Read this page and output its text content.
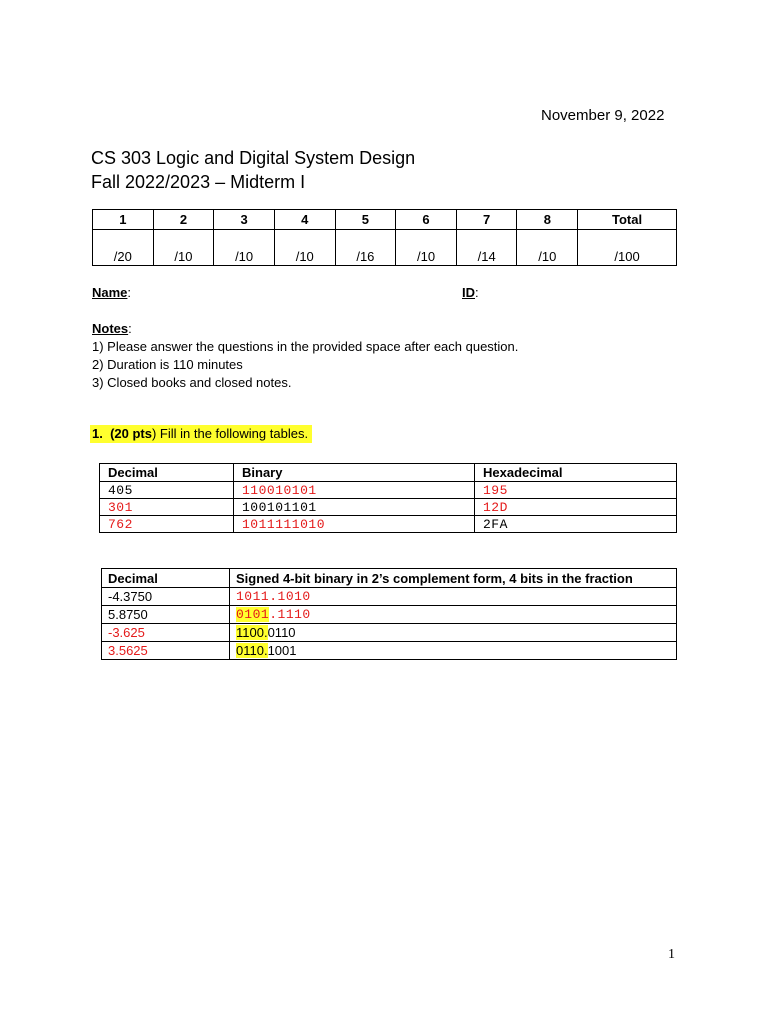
November 9, 2022
CS 303 Logic and Digital System Design
Fall 2022/2023 – Midterm I
1	2	3	4	5	6	7	8	Total
/20	/10	/10	/10	/16	/10	/14	/10	/100
Name:	ID:
Notes:
1) Please answer the questions in the provided space after each question.
2) Duration is 110 minutes
3) Closed books and closed notes.
1. (20 pts) Fill in the following tables.
Decimal	Binary	Hexadecimal
405	110010101	195
301	100101101	12D
762	1011111010	2FA
Decimal	Signed 4-bit binary in 2’s complement form, 4 bits in the fraction
-4.3750	1011.1010
5.8750	0101.1110
-3.625	1100.0110
3.5625	0110.1001
1
